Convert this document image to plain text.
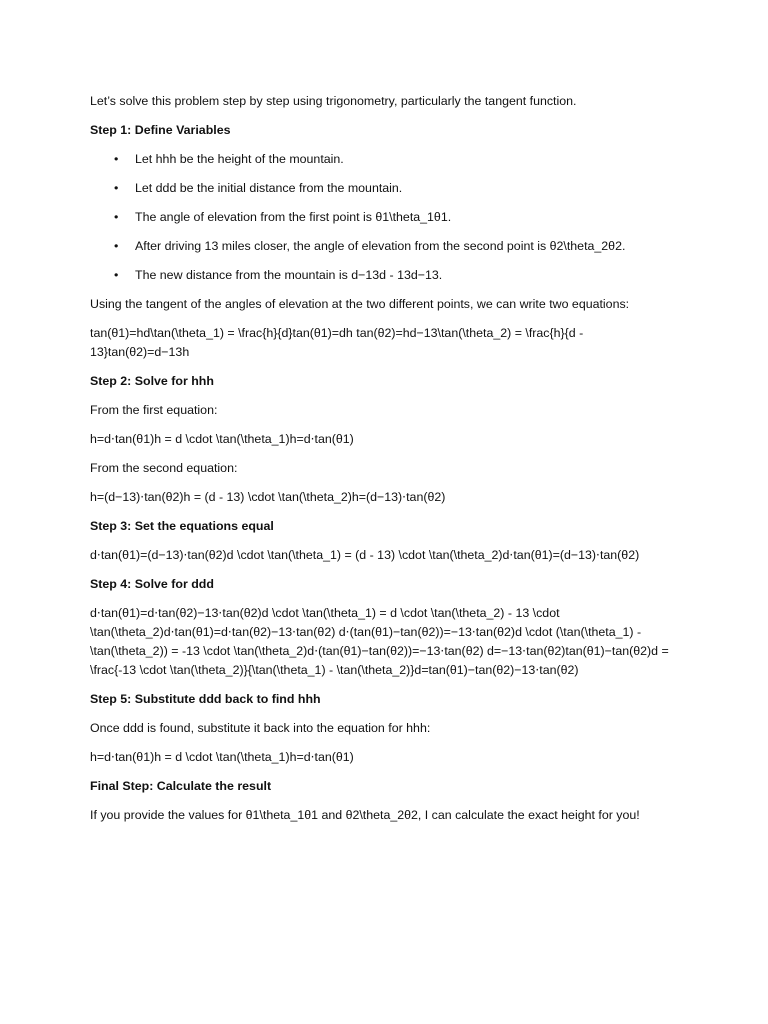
Let’s solve this problem step by step using trigonometry, particularly the tangent function.

Step 1: Define Variables

• Let hhh be the height of the mountain.
• Let ddd be the initial distance from the mountain.
• The angle of elevation from the first point is θ1\theta_1θ1.
• After driving 13 miles closer, the angle of elevation from the second point is θ2\theta_2θ2.
• The new distance from the mountain is d−13d - 13d−13.

Using the tangent of the angles of elevation at the two different points, we can write two equations:

tan(θ1)=hd\tan(\theta_1) = \frac{h}{d}tan(θ1)=dh tan(θ2)=hd−13\tan(\theta_2) = \frac{h}{d - 13}tan(θ2)=d−13h

Step 2: Solve for hhh

From the first equation:

h=d⋅tan(θ1)h = d \cdot \tan(\theta_1)h=d⋅tan(θ1)

From the second equation:

h=(d−13)⋅tan(θ2)h = (d - 13) \cdot \tan(\theta_2)h=(d−13)⋅tan(θ2)

Step 3: Set the equations equal

d⋅tan(θ1)=(d−13)⋅tan(θ2)d \cdot \tan(\theta_1) = (d - 13) \cdot \tan(\theta_2)d⋅tan(θ1)=(d−13)⋅tan(θ2)

Step 4: Solve for ddd

d⋅tan(θ1)=d⋅tan(θ2)−13⋅tan(θ2)d \cdot \tan(\theta_1) = d \cdot \tan(\theta_2) - 13 \cdot \tan(\theta_2)d⋅tan(θ1)=d⋅tan(θ2)−13⋅tan(θ2) d⋅(tan(θ1)−tan(θ2))=−13⋅tan(θ2)d \cdot (\tan(\theta_1) - \tan(\theta_2)) = -13 \cdot \tan(\theta_2)d⋅(tan(θ1)−tan(θ2))=−13⋅tan(θ2) d=−13⋅tan(θ2)tan(θ1)−tan(θ2)d = \frac{-13 \cdot \tan(\theta_2)}{\tan(\theta_1) - \tan(\theta_2)}d=tan(θ1)−tan(θ2)−13⋅tan(θ2)

Step 5: Substitute ddd back to find hhh

Once ddd is found, substitute it back into the equation for hhh:

h=d⋅tan(θ1)h = d \cdot \tan(\theta_1)h=d⋅tan(θ1)

Final Step: Calculate the result

If you provide the values for θ1\theta_1θ1 and θ2\theta_2θ2, I can calculate the exact height for you!
